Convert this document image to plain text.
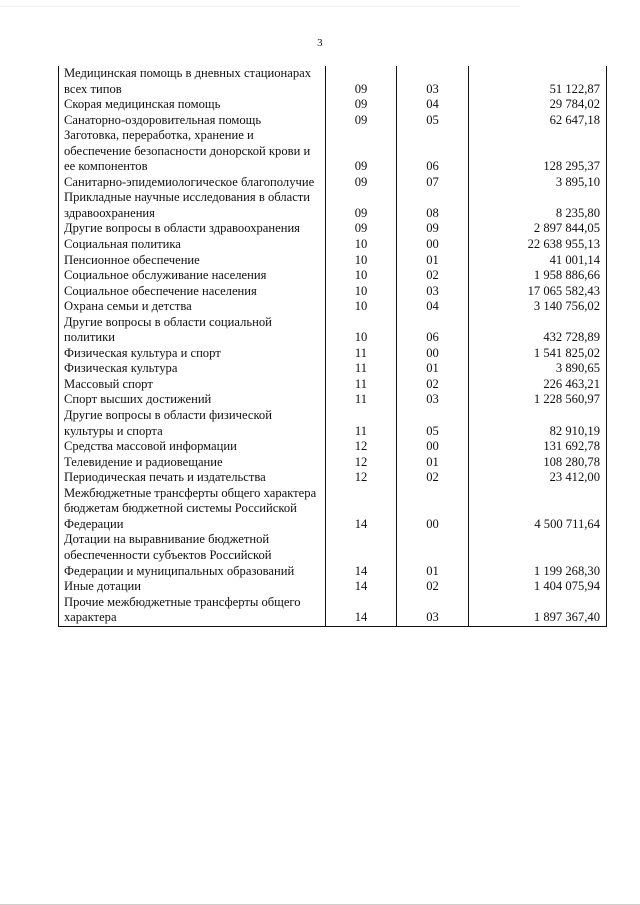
3
Медицинская помощь в дневных стационарах всех типов	09	03	51 122,87

Скорая медицинская помощь	09	04	29 784,02

Санаторно-оздоровительная помощь	09	05	62 647,18

Заготовка, переработка, хранение и обеспечение безопасности донорской крови и ее компонентов	09	06	128 295,37

Санитарно-эпидемиологическое благополучие	09	07	3 895,10

Прикладные научные исследования в области здравоохранения	09	08	8 235,80

Другие вопросы в области здравоохранения	09	09	2 897 844,05

Социальная политика	10	00	22 638 955,13

Пенсионное обеспечение	10	01	41 001,14

Социальное обслуживание населения	10	02	1 958 886,66

Социальное обеспечение населения	10	03	17 065 582,43

Охрана семьи и детства	10	04	3 140 756,02

Другие вопросы в области социальной политики	10	06	432 728,89

Физическая культура и спорт	11	00	1 541 825,02

Физическая культура	11	01	3 890,65

Массовый спорт	11	02	226 463,21

Спорт высших достижений	11	03	1 228 560,97

Другие вопросы в области физической культуры и спорта	11	05	82 910,19

Средства массовой информации	12	00	131 692,78

Телевидение и радиовещание	12	01	108 280,78

Периодическая печать и издательства	12	02	23 412,00

Межбюджетные трансферты общего характера бюджетам бюджетной системы Российской Федерации	14	00	4 500 711,64

Дотации на выравнивание бюджетной обеспеченности субъектов Российской Федерации и муниципальных образований	14	01	1 199 268,30

Иные дотации	14	02	1 404 075,94

Прочие межбюджетные трансферты общего характера	14	03	1 897 367,40
